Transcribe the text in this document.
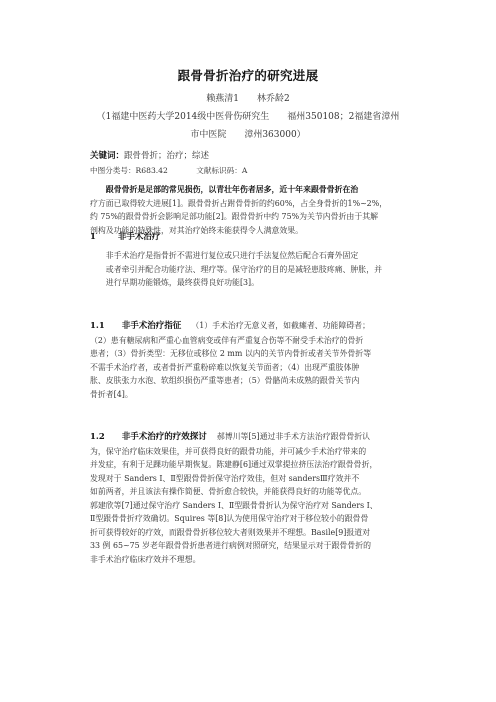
跟骨骨折治疗的研究进展
赖燕清1　　林乔龄2
（1福建中医药大学2014级中医骨伤研究生　　福州350108；2福建省漳州
市中医院　　漳州363000）
关键词：跟骨骨折；治疗；综述
中图分类号：R683.42	文献标识码：A
跟骨骨折是足部的常见损伤，以青壮年伤者居多，近十年来跟骨骨折在治
疗方面已取得较大进展[1]。跟骨骨折占跗骨骨折的约60%，占全身骨折的1%~2%，
约 75%的跟骨骨折会影响足部功能[2]。跟骨骨折中约 75%为关节内骨折由于其解
剖构及功能的特殊性，对其治疗始终未能获得令人满意效果。
1	非手术治疗
非手术治疗是指骨折不需进行复位或只进行手法复位然后配合石膏外固定
或者牵引并配合功能疗法、理疗等。保守治疗的目的是减轻患肢疼痛、肿胀，并
进行早期功能锻炼，最终获得良好功能[3]。
1.1　　非手术治疗指征 （1）手术治疗无意义者，如截瘫者、功能障碍者；
（2）患有糖尿病和严重心血管病变或伴有严重复合伤等不耐受手术治疗的骨折
患者；（3）骨折类型：无移位或移位 2 mm 以内的关节内骨折或者关节外骨折等
不需手术治疗者，或者骨折严重粉碎难以恢复关节面者；（4）出现严重肢体肿
胀、皮肤张力水泡、软组织损伤严重等患者；（5）骨骼尚未成熟的跟骨关节内
骨折者[4]。
1.2　　非手术治疗的疗效探讨 郝博川等[5]通过非手术方法治疗跟骨骨折认
为，保守治疗临床效果佳，并可获得良好的跟骨功能，并可减少手术治疗带来的
并发症，有利于足踝功能早期恢复。陈建静[6]通过双掌提拉挤压法治疗跟骨骨折，
发现对于 Sanders Ⅰ、Ⅱ型跟骨骨折保守治疗效佳，但对 sandersⅢ疗效并不
如前两者，并且该法有操作简便、骨折愈合较快，并能获得良好的功能等优点。
郭建欣等[7]通过保守治疗 Sanders Ⅰ、Ⅱ型跟骨骨折认为保守治疗对 Sanders Ⅰ、
Ⅱ型跟骨骨折疗效确切。Squires 等[8]认为使用保守治疗对于移位较小的跟骨骨
折可获得较好的疗效，而跟骨骨折移位较大者则效果并不理想。Basile[9]报道对
33 例 65~75 岁老年跟骨骨折患者进行病例对照研究，结果显示对于跟骨骨折的
非手术治疗临床疗效并不理想。
